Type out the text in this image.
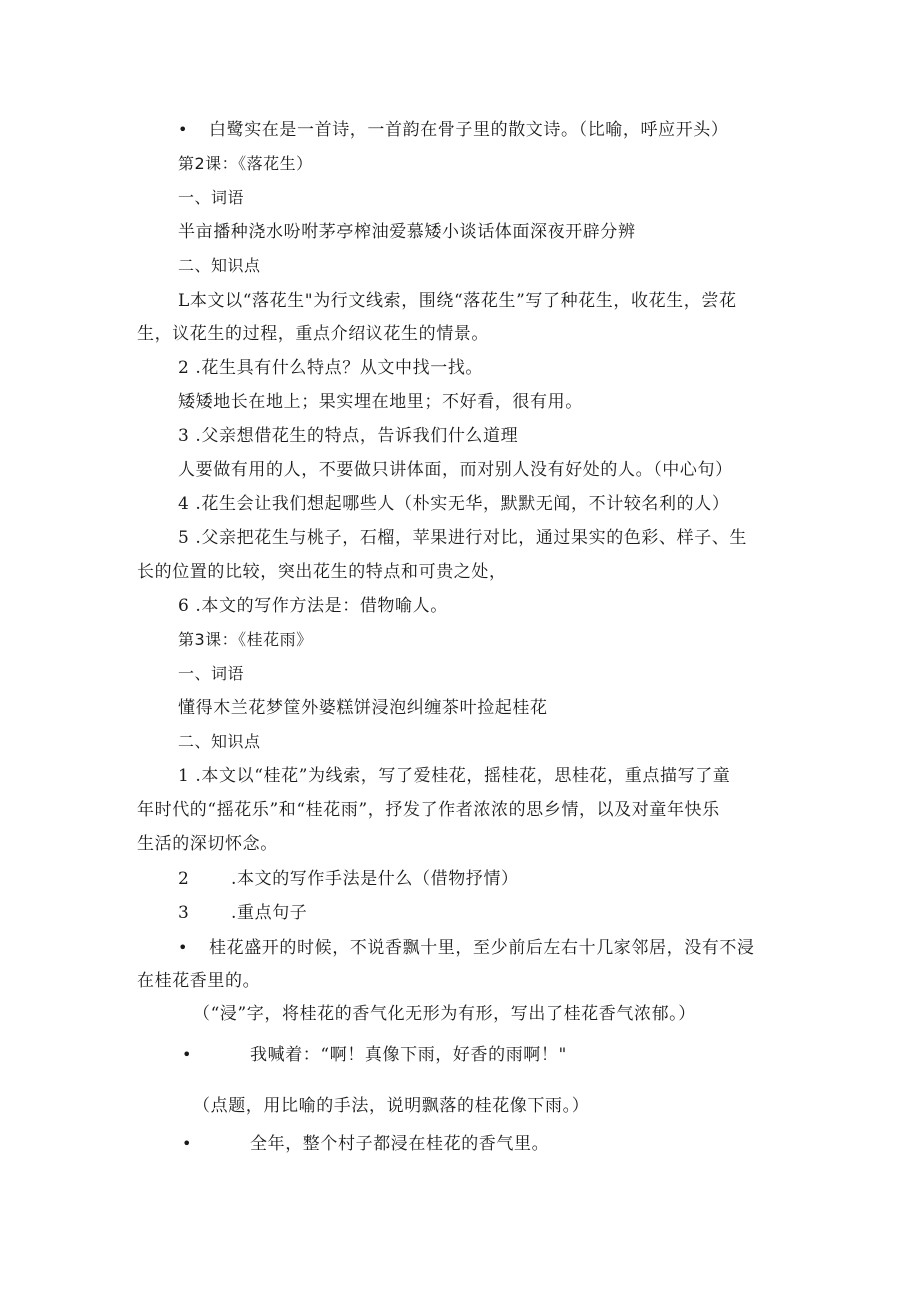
• 白鹭实在是一首诗，一首韵在骨子里的散文诗。（比喻，呼应开头）
第2课：《落花生）
一、词语
半亩播种浇水吩咐茅亭榨油爱慕矮小谈话体面深夜开辟分辨
二、知识点
L本文以“落花生"为行文线索，围绕“落花生”写了种花生，收花生，尝花
生，议花生的过程，重点介绍议花生的情景。
2 .花生具有什么特点？从文中找一找。
矮矮地长在地上；果实埋在地里；不好看，很有用。
3 .父亲想借花生的特点，告诉我们什么道理
人要做有用的人，不要做只讲体面，而对别人没有好处的人。（中心句）
4 .花生会让我们想起哪些人（朴实无华，默默无闻，不计较名利的人）
5 .父亲把花生与桃子，石榴，苹果进行对比，通过果实的色彩、样子、生
长的位置的比较，突出花生的特点和可贵之处，
6 .本文的写作方法是：借物喻人。
第3课：《桂花雨》
一、词语
懂得木兰花梦筐外婆糕饼浸泡纠缠茶叶捡起桂花
二、知识点
1 .本文以“桂花”为线索，写了爱桂花，摇桂花，思桂花，重点描写了童
年时代的“摇花乐”和“桂花雨”，抒发了作者浓浓的思乡情，以及对童年快乐
生活的深切怀念。
2 .本文的写作手法是什么（借物抒情）
3 .重点句子
• 桂花盛开的时候，不说香飘十里，至少前后左右十几家邻居，没有不浸
在桂花香里的。
（“浸”字，将桂花的香气化无形为有形，写出了桂花香气浓郁。）
•	我喊着：“啊！真像下雨，好香的雨啊！"
（点题，用比喻的手法，说明飘落的桂花像下雨。）
•	全年，整个村子都浸在桂花的香气里。
